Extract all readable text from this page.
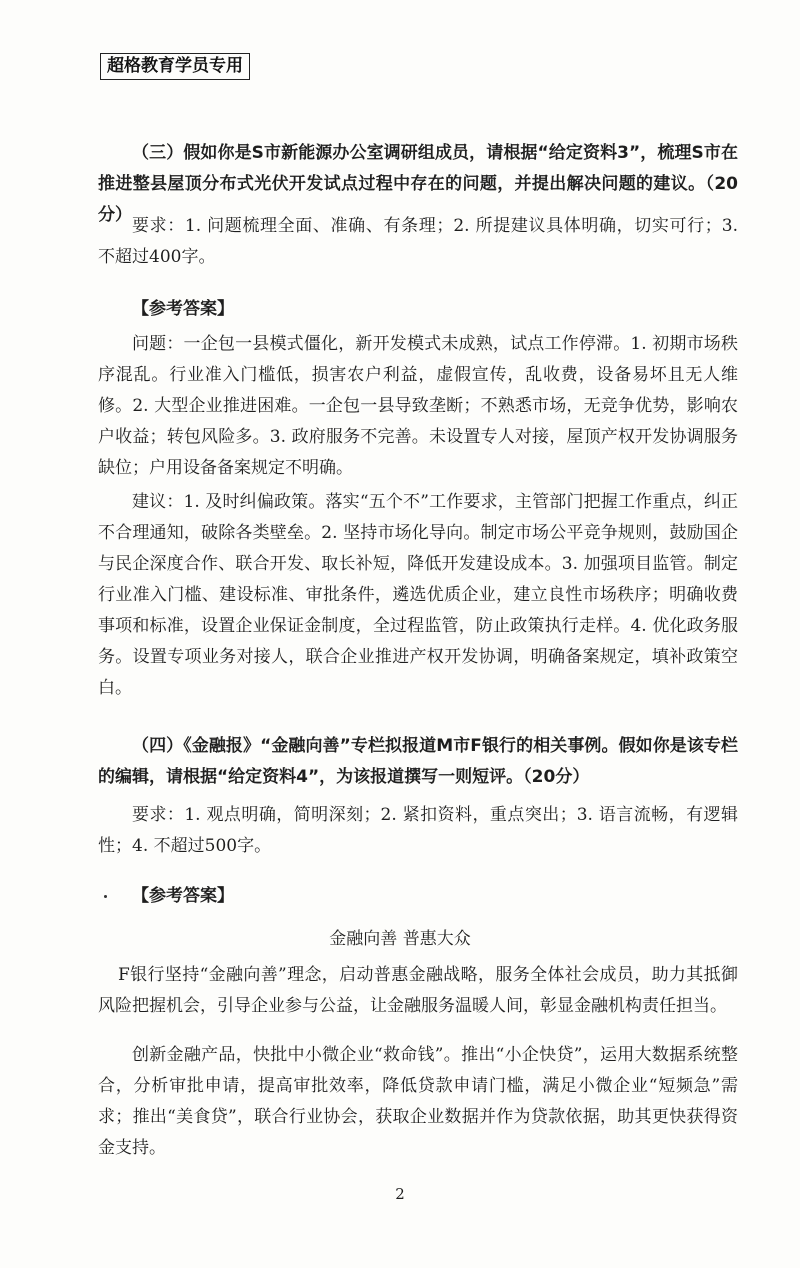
超格教育学员专用

（三）假如你是S市新能源办公室调研组成员，请根据“给定资料3”，梳理S市在推进整县屋顶分布式光伏开发试点过程中存在的问题，并提出解决问题的建议。（20分）

要求：1. 问题梳理全面、准确、有条理；2. 所提建议具体明确，切实可行；3. 不超过400字。

【参考答案】

问题：一企包一县模式僵化，新开发模式未成熟，试点工作停滞。1. 初期市场秩序混乱。行业准入门槛低，损害农户利益，虚假宣传，乱收费，设备易坏且无人维修。2. 大型企业推进困难。一企包一县导致垄断；不熟悉市场，无竞争优势，影响农户收益；转包风险多。3. 政府服务不完善。未设置专人对接，屋顶产权开发协调服务缺位；户用设备备案规定不明确。

建议：1. 及时纠偏政策。落实“五个不”工作要求，主管部门把握工作重点，纠正不合理通知，破除各类壁垒。2. 坚持市场化导向。制定市场公平竞争规则，鼓励国企与民企深度合作、联合开发、取长补短，降低开发建设成本。3. 加强项目监管。制定行业准入门槛、建设标准、审批条件，遴选优质企业，建立良性市场秩序；明确收费事项和标准，设置企业保证金制度，全过程监管，防止政策执行走样。4. 优化政务服务。设置专项业务对接人，联合企业推进产权开发协调，明确备案规定，填补政策空白。

（四）《金融报》“金融向善”专栏拟报道M市F银行的相关事例。假如你是该专栏的编辑，请根据“给定资料4”，为该报道撰写一则短评。（20分）

要求：1. 观点明确，简明深刻；2. 紧扣资料，重点突出；3. 语言流畅，有逻辑性；4. 不超过500字。

【参考答案】

金融向善 普惠大众

F银行坚持“金融向善”理念，启动普惠金融战略，服务全体社会成员，助力其抵御风险把握机会，引导企业参与公益，让金融服务温暖人间，彰显金融机构责任担当。

创新金融产品，快批中小微企业“救命钱”。推出“小企快贷”，运用大数据系统整合，分析审批申请，提高审批效率，降低贷款申请门槛，满足小微企业“短频急”需求；推出“美食贷”，联合行业协会，获取企业数据并作为贷款依据，助其更快获得资金支持。

2
